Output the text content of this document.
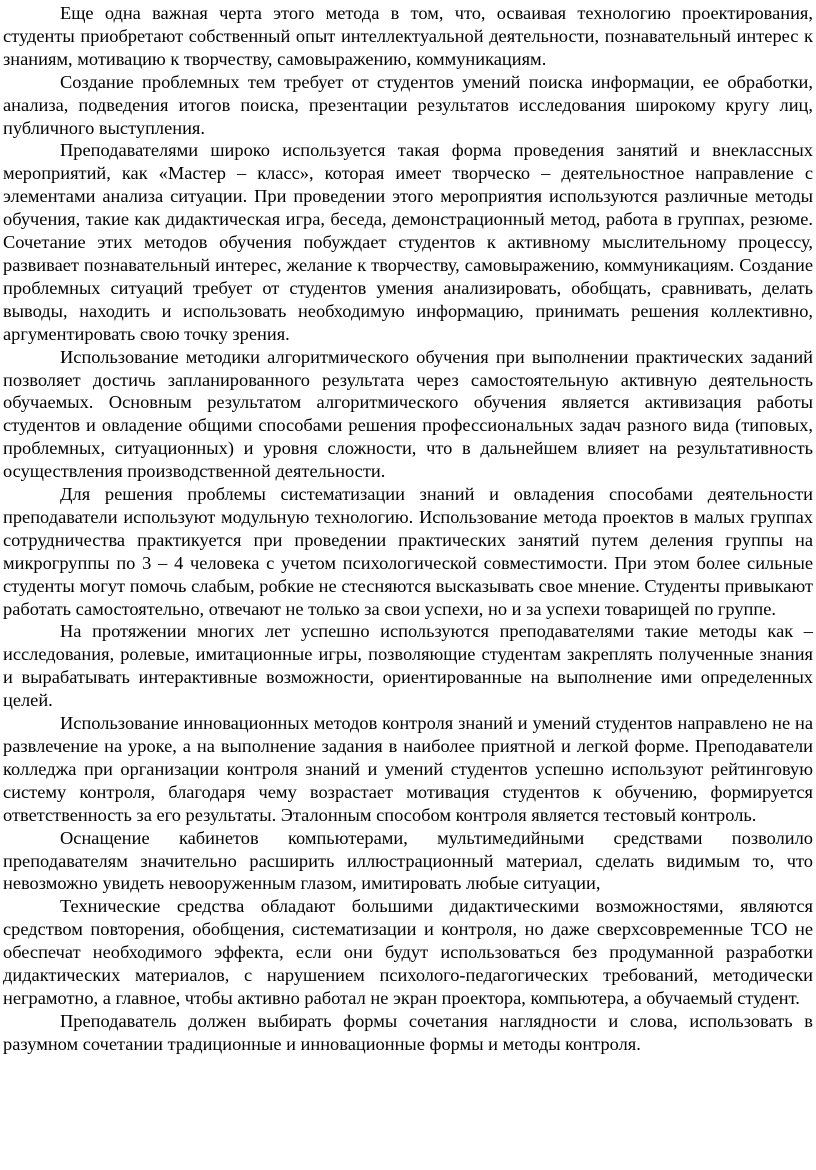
Еще одна важная черта этого метода в том, что, осваивая технологию проектирования, студенты приобретают собственный опыт интеллектуальной деятельности, познавательный интерес к знаниям, мотивацию к творчеству, самовыражению, коммуникациям.

Создание проблемных тем требует от студентов умений поиска информации, ее обработки, анализа, подведения итогов поиска, презентации результатов исследования широкому кругу лиц, публичного выступления.

Преподавателями широко используется такая форма проведения занятий и внеклассных мероприятий, как «Мастер – класс», которая имеет творческо – деятельностное направление с элементами анализа ситуации. При проведении этого мероприятия используются различные методы обучения, такие как дидактическая игра, беседа, демонстрационный метод, работа в группах, резюме. Сочетание этих методов обучения побуждает студентов к активному мыслительному процессу, развивает познавательный интерес, желание к творчеству, самовыражению, коммуникациям. Создание проблемных ситуаций требует от студентов умения анализировать, обобщать, сравнивать, делать выводы, находить и использовать необходимую информацию, принимать решения коллективно, аргументировать свою точку зрения.

Использование методики алгоритмического обучения при выполнении практических заданий позволяет достичь запланированного результата через самостоятельную активную деятельность обучаемых. Основным результатом алгоритмического обучения является активизация работы студентов и овладение общими способами решения профессиональных задач разного вида (типовых, проблемных, ситуационных) и уровня сложности, что в дальнейшем влияет на результативность осуществления производственной деятельности.

Для решения проблемы систематизации знаний и овладения способами деятельности преподаватели используют модульную технологию. Использование метода проектов в малых группах сотрудничества практикуется при проведении практических занятий путем деления группы на микрогруппы по 3 – 4 человека с учетом психологической совместимости. При этом более сильные студенты могут помочь слабым, робкие не стесняются высказывать свое мнение. Студенты привыкают работать самостоятельно, отвечают не только за свои успехи, но и за успехи товарищей по группе.

На протяжении многих лет успешно используются преподавателями такие методы как – исследования, ролевые, имитационные игры, позволяющие студентам закреплять полученные знания и вырабатывать интерактивные возможности, ориентированные на выполнение ими определенных целей.

Использование инновационных методов контроля знаний и умений студентов направлено не на развлечение на уроке, а на выполнение задания в наиболее приятной и легкой форме. Преподаватели колледжа при организации контроля знаний и умений студентов успешно используют рейтинговую систему контроля, благодаря чему возрастает мотивация студентов к обучению, формируется ответственность за его результаты. Эталонным способом контроля является тестовый контроль.

Оснащение кабинетов компьютерами, мультимедийными средствами позволило преподавателям значительно расширить иллюстрационный материал, сделать видимым то, что невозможно увидеть невооруженным глазом, имитировать любые ситуации,

Технические средства обладают большими дидактическими возможностями, являются средством повторения, обобщения, систематизации и контроля, но даже сверхсовременные ТСО не обеспечат необходимого эффекта, если они будут использоваться без продуманной разработки дидактических материалов, с нарушением психолого-педагогических требований, методически неграмотно, а главное, чтобы активно работал не экран проектора, компьютера, а обучаемый студент.

Преподаватель должен выбирать формы сочетания наглядности и слова, использовать в разумном сочетании традиционные и инновационные формы и методы контроля.
